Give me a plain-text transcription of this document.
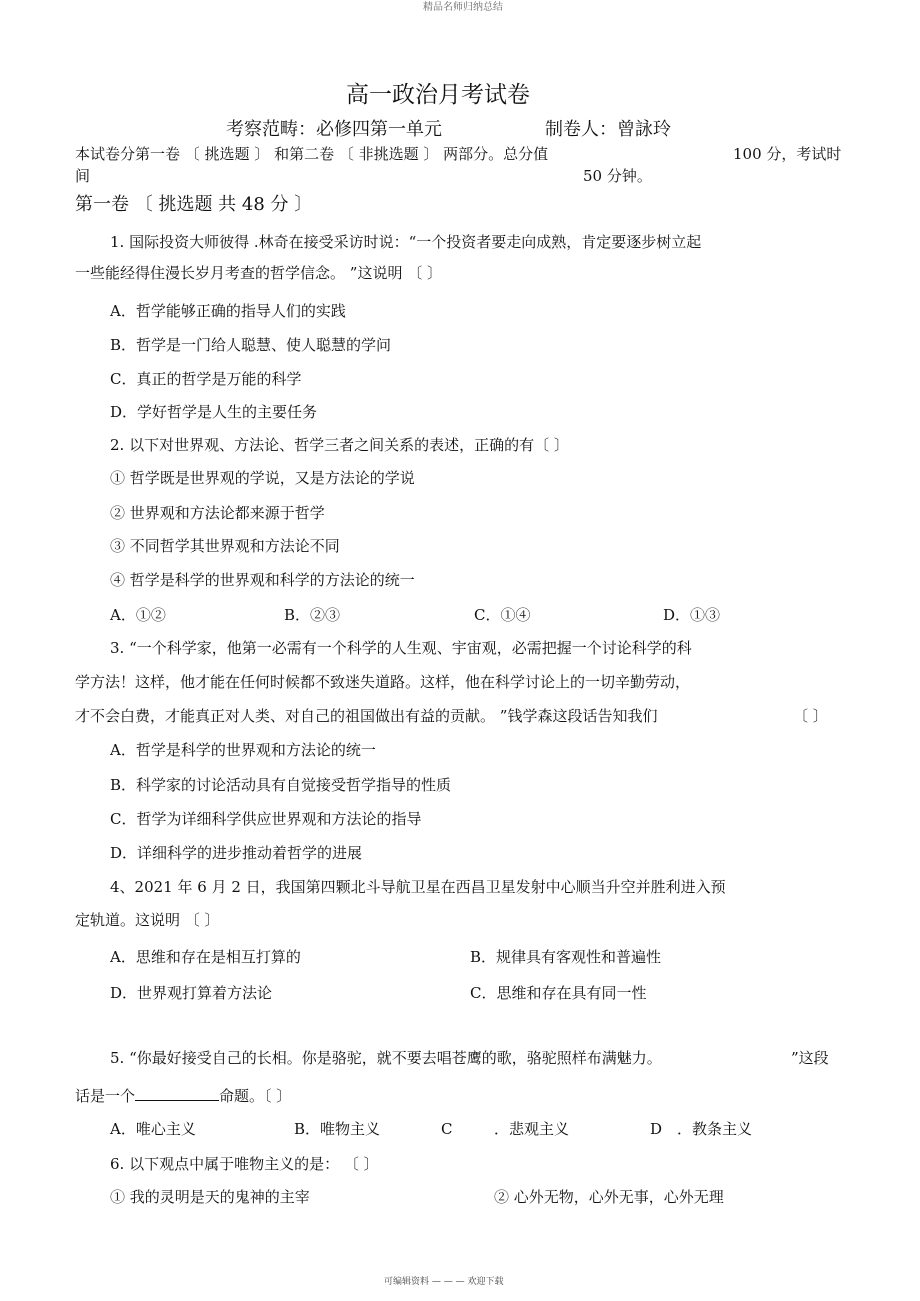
精品名师归纳总结
高一政治月考试卷
考察范畴：必修四第一单元	制卷人：曾詠玲
本试卷分第一卷 〔 挑选题 〕 和第二卷 〔 非挑选题 〕 两部分。总分值	100 分，考试时
间	50 分钟。
第一卷 〔 挑选题 共 48 分 〕
1. 国际投资大师彼得 .林奇在接受采访时说：“一个投资者要走向成熟，肯定要逐步树立起
一些能经得住漫长岁月考查的哲学信念。 ”这说明 〔 〕
A．哲学能够正确的指导人们的实践
B．哲学是一门给人聪慧、使人聪慧的学问
C．真正的哲学是万能的科学
D．学好哲学是人生的主要任务
2. 以下对世界观、方法论、哲学三者之间关系的表述，正确的有〔 〕
① 哲学既是世界观的学说，又是方法论的学说
② 世界观和方法论都来源于哲学
③ 不同哲学其世界观和方法论不同
④ 哲学是科学的世界观和科学的方法论的统一
A．①②	B．②③	C．①④	D．①③
3. “一个科学家，他第一必需有一个科学的人生观、宇宙观，必需把握一个讨论科学的科
学方法！这样，他才能在任何时候都不致迷失道路。这样，他在科学讨论上的一切辛勤劳动，
才不会白费，才能真正对人类、对自己的祖国做出有益的贡献。 ”钱学森这段话告知我们	〔 〕
A．哲学是科学的世界观和方法论的统一
B．科学家的讨论活动具有自觉接受哲学指导的性质
C．哲学为详细科学供应世界观和方法论的指导
D．详细科学的进步推动着哲学的进展
4、2021 年 6 月 2 日，我国第四颗北斗导航卫星在西昌卫星发射中心顺当升空并胜利进入预
定轨道。这说明 〔 〕
A．思维和存在是相互打算的	B．规律具有客观性和普遍性
D．世界观打算着方法论	C．思维和存在具有同一性
5. “你最好接受自己的长相。你是骆驼，就不要去唱苍鹰的歌，骆驼照样布满魅力。	”这段
话是一个	命题。〔 〕
A．唯心主义	B．唯物主义	C	．悲观主义	D ．教条主义
6. 以下观点中属于唯物主义的是： 〔 〕
① 我的灵明是天的鬼神的主宰	② 心外无物，心外无事，心外无理
可编辑资料 — — — 欢迎下载
